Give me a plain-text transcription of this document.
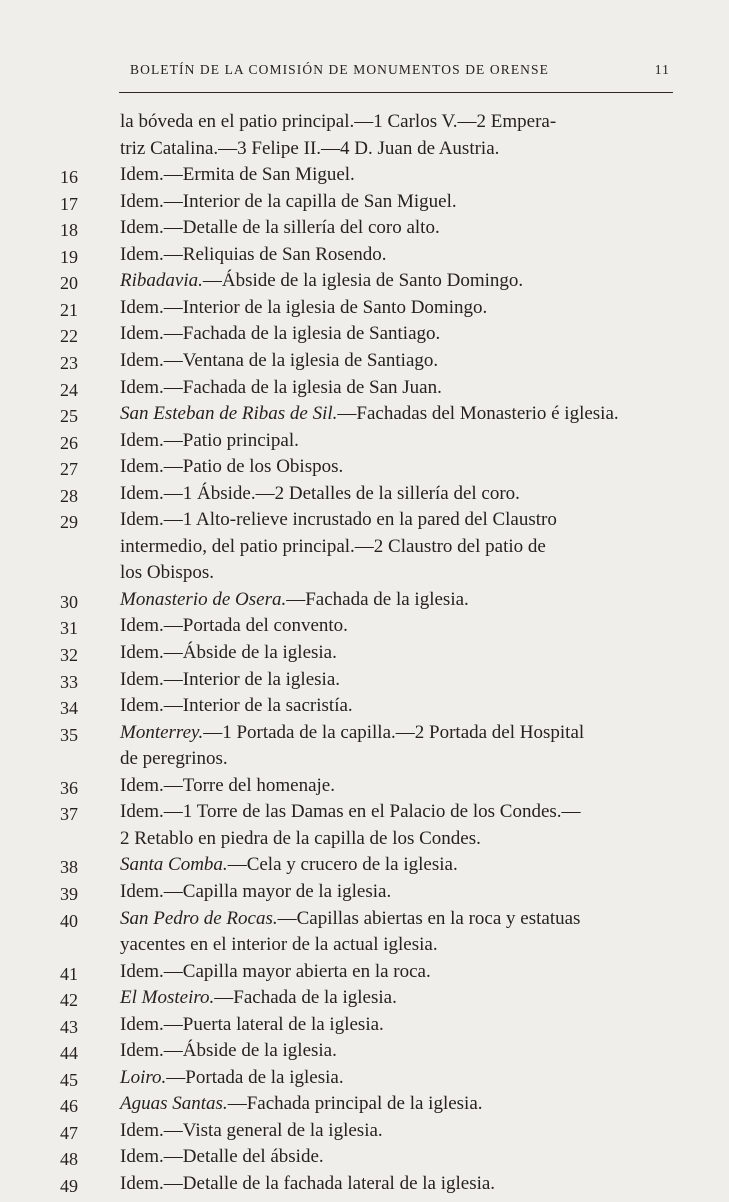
BOLETÍN DE LA COMISIÓN DE MONUMENTOS DE ORENSE	11
la bóveda en el patio principal.—1 Carlos V.—2 Empera-
triz Catalina.—3 Felipe II.—4 D. Juan de Austria.
16	Idem.—Ermita de San Miguel.
17	Idem.—Interior de la capilla de San Miguel.
18	Idem.—Detalle de la sillería del coro alto.
19	Idem.—Reliquias de San Rosendo.
20	Ribadavia.—Ábside de la iglesia de Santo Domingo.
21	Idem.—Interior de la iglesia de Santo Domingo.
22	Idem.—Fachada de la iglesia de Santiago.
23	Idem.—Ventana de la iglesia de Santiago.
24	Idem.—Fachada de la iglesia de San Juan.
25	San Esteban de Ribas de Sil.—Fachadas del Monasterio é iglesia.
26	Idem.—Patio principal.
27	Idem.—Patio de los Obispos.
28	Idem.—1 Ábside.—2 Detalles de la sillería del coro.
29	Idem.—1 Alto-relieve incrustado en la pared del Claustro
intermedio, del patio principal.—2 Claustro del patio de
los Obispos.
30	Monasterio de Osera.—Fachada de la iglesia.
31	Idem.—Portada del convento.
32	Idem.—Ábside de la iglesia.
33	Idem.—Interior de la iglesia.
34	Idem.—Interior de la sacristía.
35	Monterrey.—1 Portada de la capilla.—2 Portada del Hospital
de peregrinos.
36	Idem.—Torre del homenaje.
37	Idem.—1 Torre de las Damas en el Palacio de los Condes.—
2 Retablo en piedra de la capilla de los Condes.
38	Santa Comba.—Cela y crucero de la iglesia.
39	Idem.—Capilla mayor de la iglesia.
40	San Pedro de Rocas.—Capillas abiertas en la roca y estatuas
yacentes en el interior de la actual iglesia.
41	Idem.—Capilla mayor abierta en la roca.
42	El Mosteiro.—Fachada de la iglesia.
43	Idem.—Puerta lateral de la iglesia.
44	Idem.—Ábside de la iglesia.
45	Loiro.—Portada de la iglesia.
46	Aguas Santas.—Fachada principal de la iglesia.
47	Idem.—Vista general de la iglesia.
48	Idem.—Detalle del ábside.
49	Idem.—Detalle de la fachada lateral de la iglesia.
